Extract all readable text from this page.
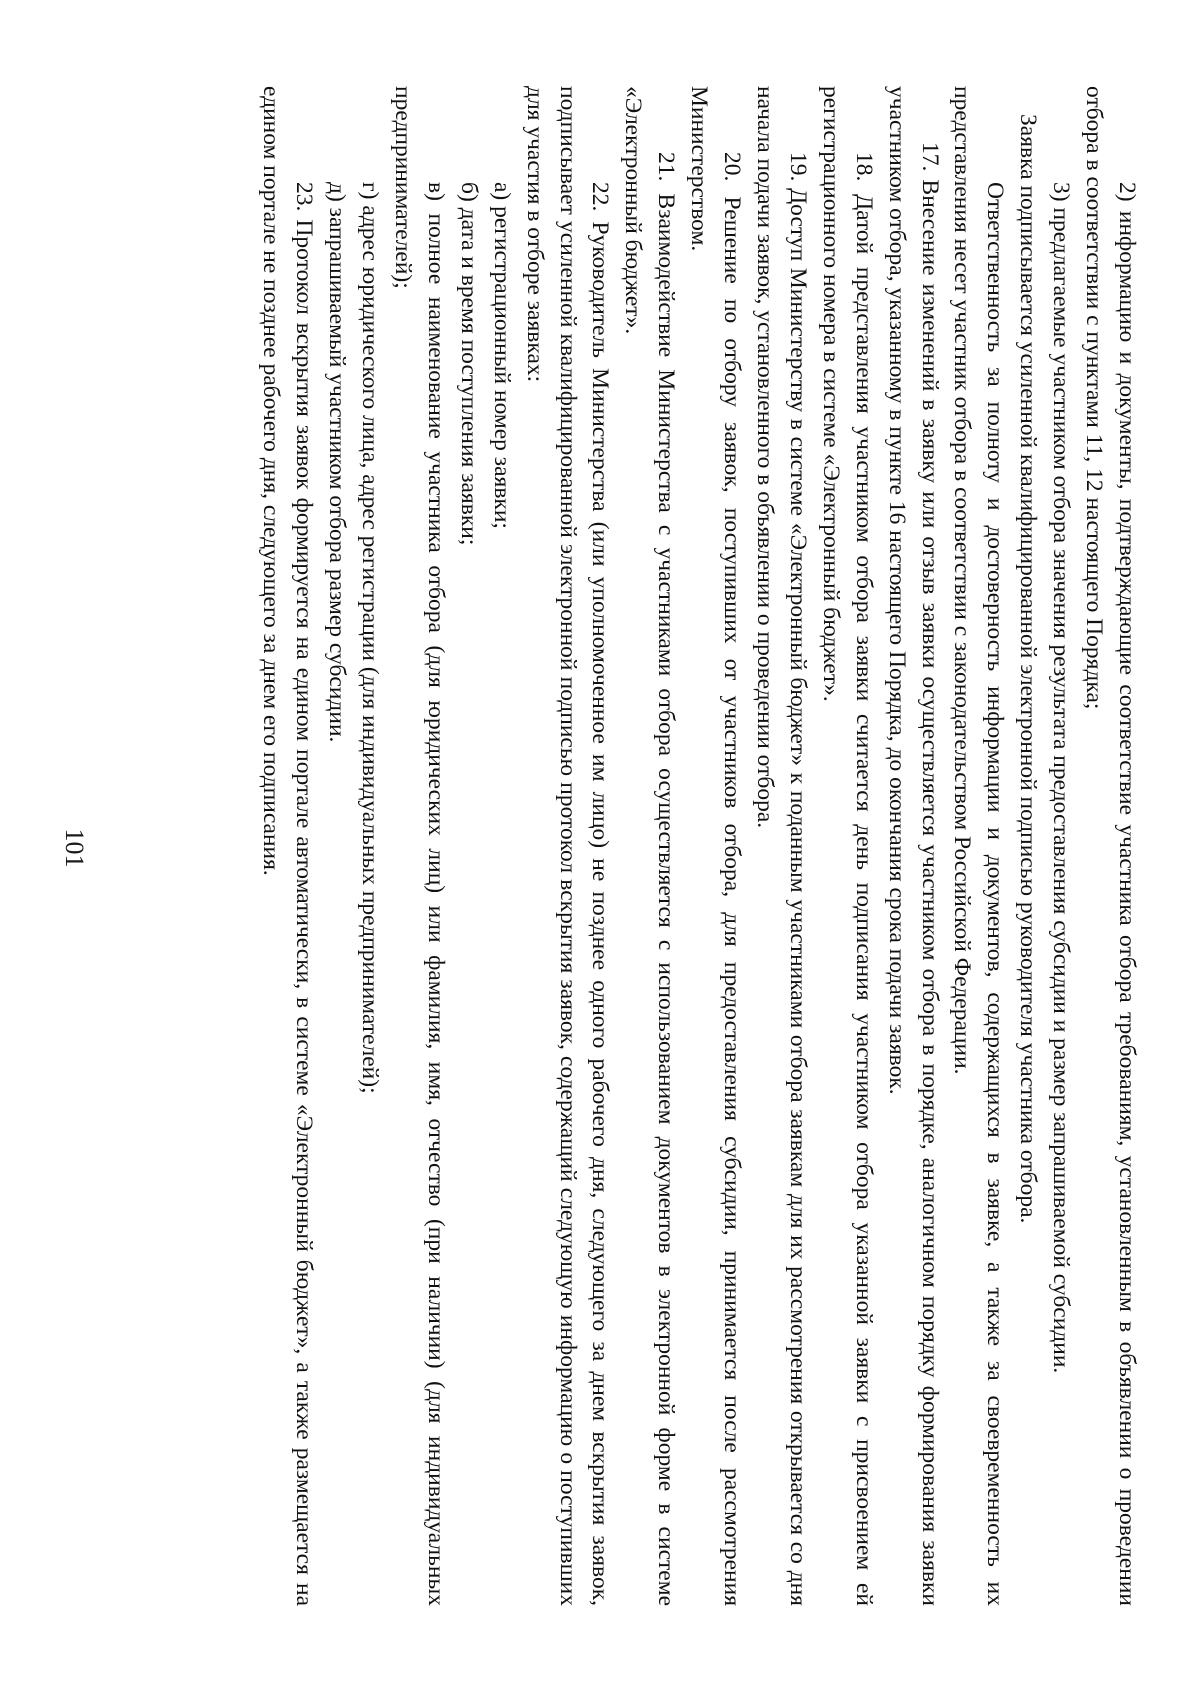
101	2) информацию и документы, подтверждающие соответствие участника отбора требованиям, установленным в объявлении о проведении отбора в соответствии с пунктами 11, 12 настоящего Порядка;

3) предлагаемые участником отбора значения результата предоставления субсидии и размер запрашиваемой субсидии.

Заявка подписывается усиленной квалифицированной электронной подписью руководителя участника отбора.

Ответственность за полноту и достоверность информации и документов, содержащихся в заявке, а также за своевременность их представления несет участник отбора в соответствии с законодательством Российской Федерации.

17. Внесение изменений в заявку или отзыв заявки осуществляется участником отбора в порядке, аналогичном порядку формирования заявки участником отбора, указанному в пункте 16 настоящего Порядка, до окончания срока подачи заявок.

18. Датой представления участником отбора заявки считается день подписания участником отбора указанной заявки с присвоением ей регистрационного номера в системе «Электронный бюджет».

19. Доступ Министерству в системе «Электронный бюджет» к поданным участниками отбора заявкам для их рассмотрения открывается со дня начала подачи заявок, установленного в объявлении о проведении отбора.

20. Решение по отбору заявок, поступивших от участников отбора, для предоставления субсидии, принимается после рассмотрения Министерством.

21. Взаимодействие Министерства с участниками отбора осуществляется с использованием документов в электронной форме в системе «Электронный бюджет».

22. Руководитель Министерства (или уполномоченное им лицо) не позднее одного рабочего дня, следующего за днем вскрытия заявок, подписывает усиленной квалифицированной электронной подписью протокол вскрытия заявок, содержащий следующую информацию о поступивших для участия в отборе заявках:

а) регистрационный номер заявки;

б) дата и время поступления заявки;

в) полное наименование участника отбора (для юридических лиц) или фамилия, имя, отчество (при наличии) (для индивидуальных предпринимателей);

г) адрес юридического лица, адрес регистрации (для индивидуальных предпринимателей);

д) запрашиваемый участником отбора размер субсидии.

23. Протокол вскрытия заявок формируется на едином портале автоматически, в системе «Электронный бюджет», а также размещается на едином портале не позднее рабочего дня, следующего за днем его подписания.
